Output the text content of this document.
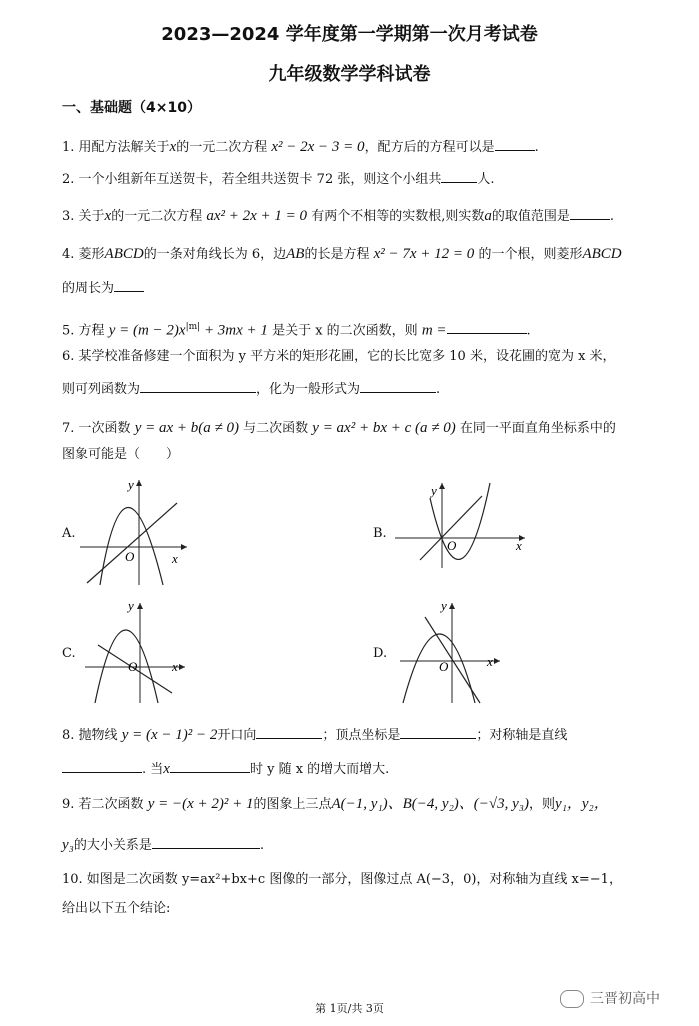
2023—2024 学年度第一学期第一次月考试卷
九年级数学学科试卷
一、基础题（4×10）
1. 用配方法解关于x的一元二次方程 x² − 2x − 3 = 0，配方后的方程可以是	.
2. 一个小组新年互送贺卡，若全组共送贺卡 72 张，则这个小组共	人.
3. 关于x的一元二次方程 ax² + 2x + 1 = 0 有两个不相等的实数根,则实数a的取值范围是	.
4. 菱形ABCD的一条对角线长为 6，边AB的长是方程 x² − 7x + 12 = 0 的一个根，则菱形ABCD
的周长为
5. 方程 $y = (m - 2)x^{|m|} + 3mx + 1$ 是关于 x 的二次函数，则 m =	.
6. 某学校准备修建一个面积为 y 平方米的矩形花圃，它的长比宽多 10 米，设花圃的宽为 x 米，
则可列函数为	，化为一般形式为	.
7. 一次函数 y = ax + b(a ≠ 0) 与二次函数 y = ax² + bx + c (a ≠ 0) 在同一平面直角坐标系中的
图象可能是（　　）
A.
O	x
y
B.
O	x
y
C.
O	x
y
D.
O	x
y
8. 抛物线 y = (x − 1)² − 2开口向	；顶点坐标是	；对称轴是直线
. 当x	时 y 随 x 的增大而增大.
9. 若二次函数 y = −(x + 2)² + 1的图象上三点A(−1, y₁)、B(−4, y₂)、(−√3, y₃)，则y₁，y₂，
y₃的大小关系是	.
10. 如图是二次函数 y=ax²+bx+c 图像的一部分，图像过点 A(−3，0)，对称轴为直线 x=−1，
给出以下五个结论:
第 1页/共 3页
三晋初高中
